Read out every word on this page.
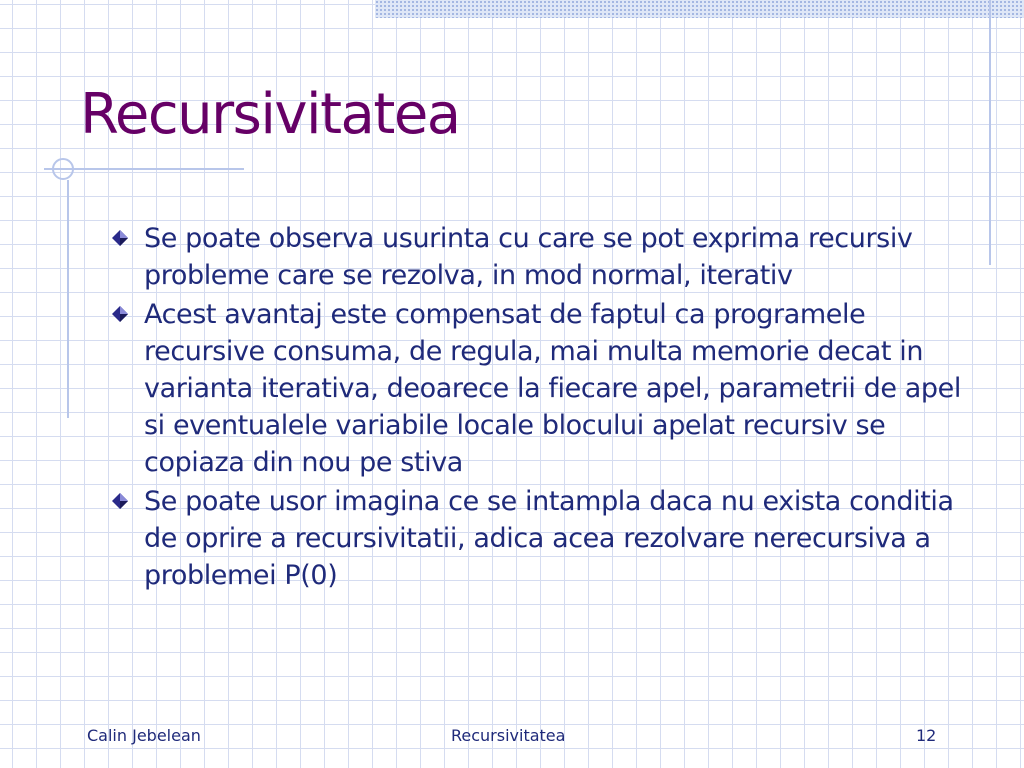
Recursivitatea
Se poate observa usurinta cu care se pot exprima recursiv probleme care se rezolva, in mod normal, iterativ
Acest avantaj este compensat de faptul ca programele recursive consuma, de regula, mai multa memorie decat in varianta iterativa, deoarece la fiecare apel, parametrii de apel si eventualele variabile locale blocului apelat recursiv se copiaza din nou pe stiva
Se poate usor imagina ce se intampla daca nu exista conditia de oprire a recursivitatii, adica acea rezolvare nerecursiva a problemei P(0)
Calin Jebelean	Recursivitatea	12
